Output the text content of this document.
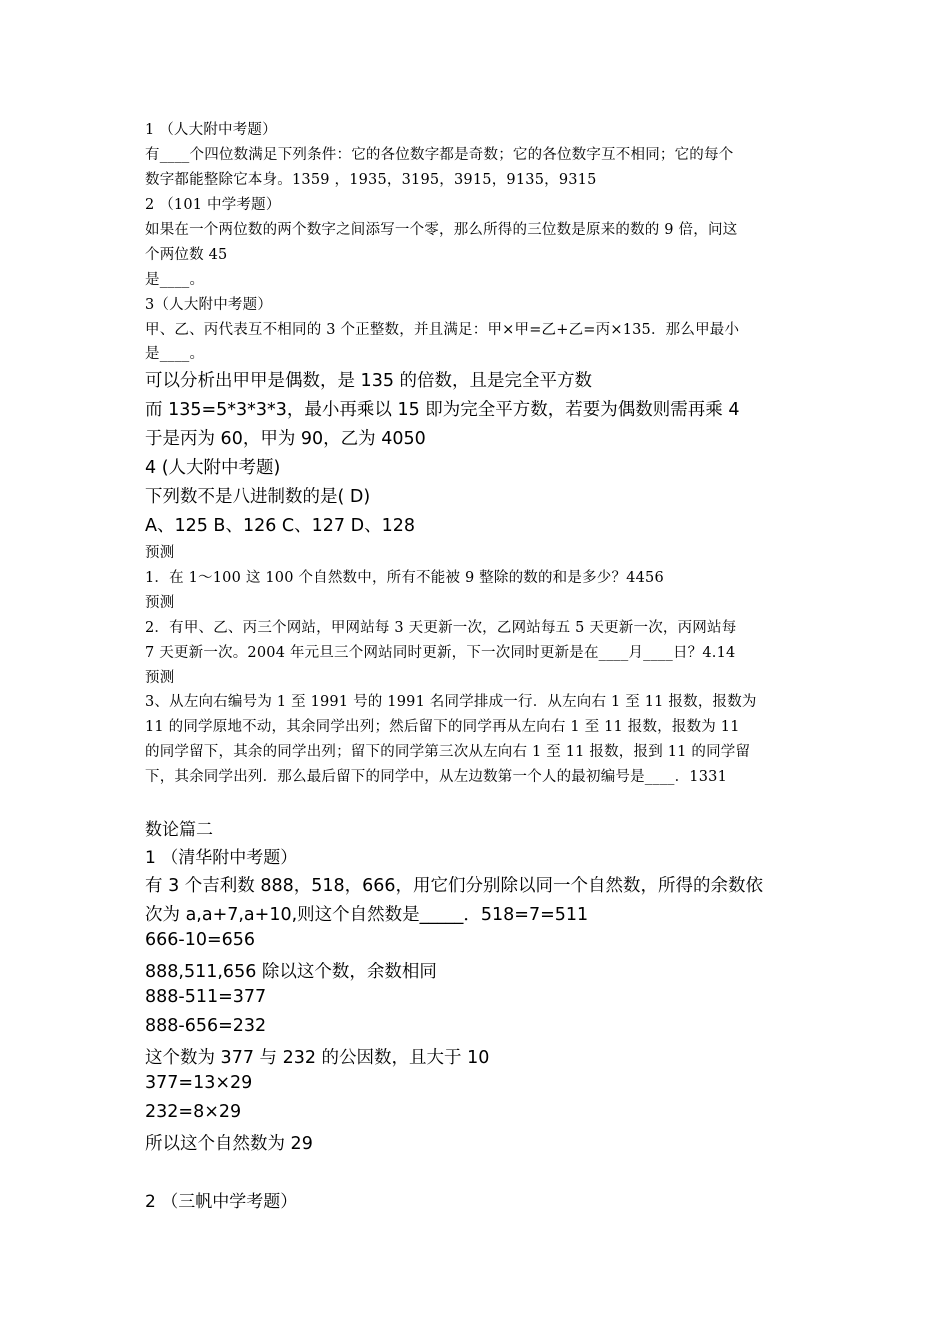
1 （人大附中考题）
有____个四位数满足下列条件：它的各位数字都是奇数；它的各位数字互不相同；它的每个
数字都能整除它本身。1359 ，1935，3195，3915，9135，9315
2 （101 中学考题）
如果在一个两位数的两个数字之间添写一个零，那么所得的三位数是原来的数的 9 倍，问这
个两位数 45
是____。
3（人大附中考题）
甲、乙、丙代表互不相同的 3 个正整数，并且满足：甲×甲=乙+乙=丙×135．那么甲最小
是____。
可以分析出甲甲是偶数，是 135 的倍数，且是完全平方数
而 135=5*3*3*3，最小再乘以 15 即为完全平方数，若要为偶数则需再乘 4
于是丙为 60，甲为 90，乙为 4050
4 (人大附中考题)
下列数不是八进制数的是( D)
A、125 B、126 C、127 D、128
预测
1．在 1～100 这 100 个自然数中，所有不能被 9 整除的数的和是多少？4456
预测
2．有甲、乙、丙三个网站，甲网站每 3 天更新一次，乙网站每五 5 天更新一次，丙网站每
7 天更新一次。2004 年元旦三个网站同时更新，下一次同时更新是在____月____日？4.14
预测
3、从左向右编号为 1 至 1991 号的 1991 名同学排成一行．从左向右 1 至 11 报数，报数为
11 的同学原地不动，其余同学出列；然后留下的同学再从左向右 1 至 11 报数，报数为 11
的同学留下，其余的同学出列；留下的同学第三次从左向右 1 至 11 报数，报到 11 的同学留
下，其余同学出列．那么最后留下的同学中，从左边数第一个人的最初编号是____．1331
数论篇二
1 （清华附中考题）
有 3 个吉利数 888，518，666，用它们分别除以同一个自然数，所得的余数依
次为 a,a+7,a+10,则这个自然数是_____．518=7=511
666-10=656
888,511,656 除以这个数，余数相同
888-511=377
888-656=232
这个数为 377 与 232 的公因数，且大于 10
377=13×29
232=8×29
所以这个自然数为 29
2 （三帆中学考题）
